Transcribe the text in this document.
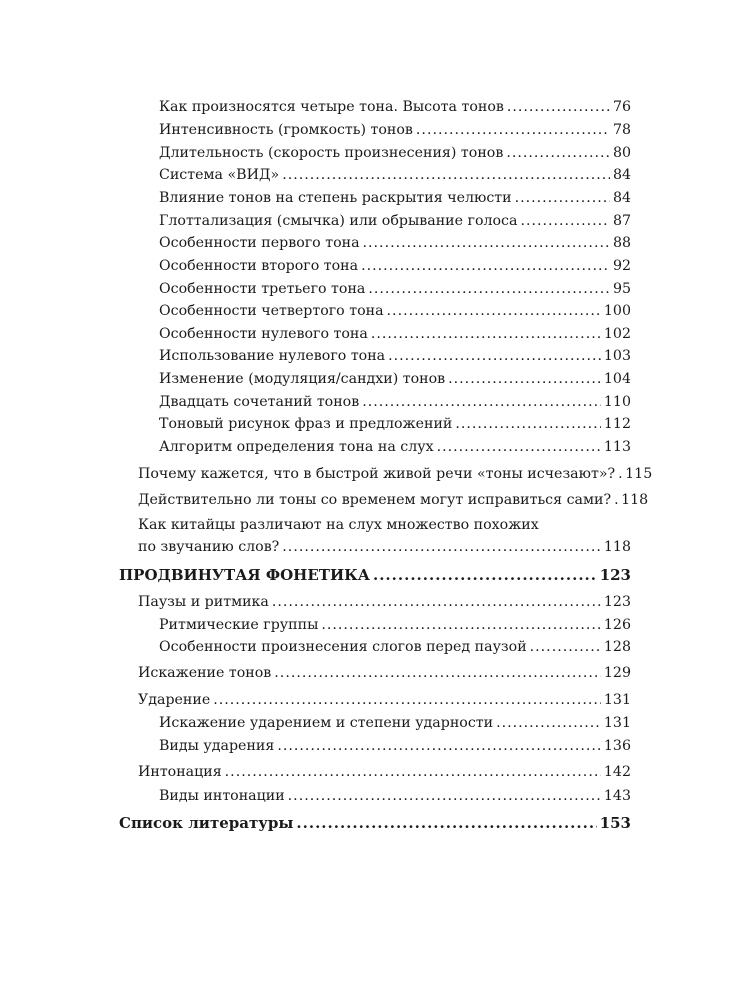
Как произносятся четыре тона. Высота тонов .....	76
Интенсивность (громкость) тонов .....	78
Длительность (скорость произнесения) тонов .....	80
Система «ВИД» .....	84
Влияние тонов на степень раскрытия челюсти .....	84
Глоттализация (смычка) или обрывание голоса .....	87
Особенности первого тона .....	88
Особенности второго тона .....	92
Особенности третьего тона .....	95
Особенности четвертого тона .....	100
Особенности нулевого тона .....	102
Использование нулевого тона .....	103
Изменение (модуляция/сандхи) тонов .....	104
Двадцать сочетаний тонов .....	110
Тоновый рисунок фраз и предложений .....	112
Алгоритм определения тона на слух .....	113
Почему кажется, что в быстрой живой речи «тоны исчезают»? ..... 115
Действительно ли тоны со временем могут исправиться сами? ..... 118
Как китайцы различают на слух множество похожих
по звучанию слов? .....	118
ПРОДВИНУТАЯ ФОНЕТИКА .....	123
Паузы и ритмика .....	123
Ритмические группы .....	126
Особенности произнесения слогов перед паузой .....	128
Искажение тонов .....	129
Ударение .....	131
Искажение ударением и степени ударности .....	131
Виды ударения .....	136
Интонация .....	142
Виды интонации .....	143
Список литературы .....	153
